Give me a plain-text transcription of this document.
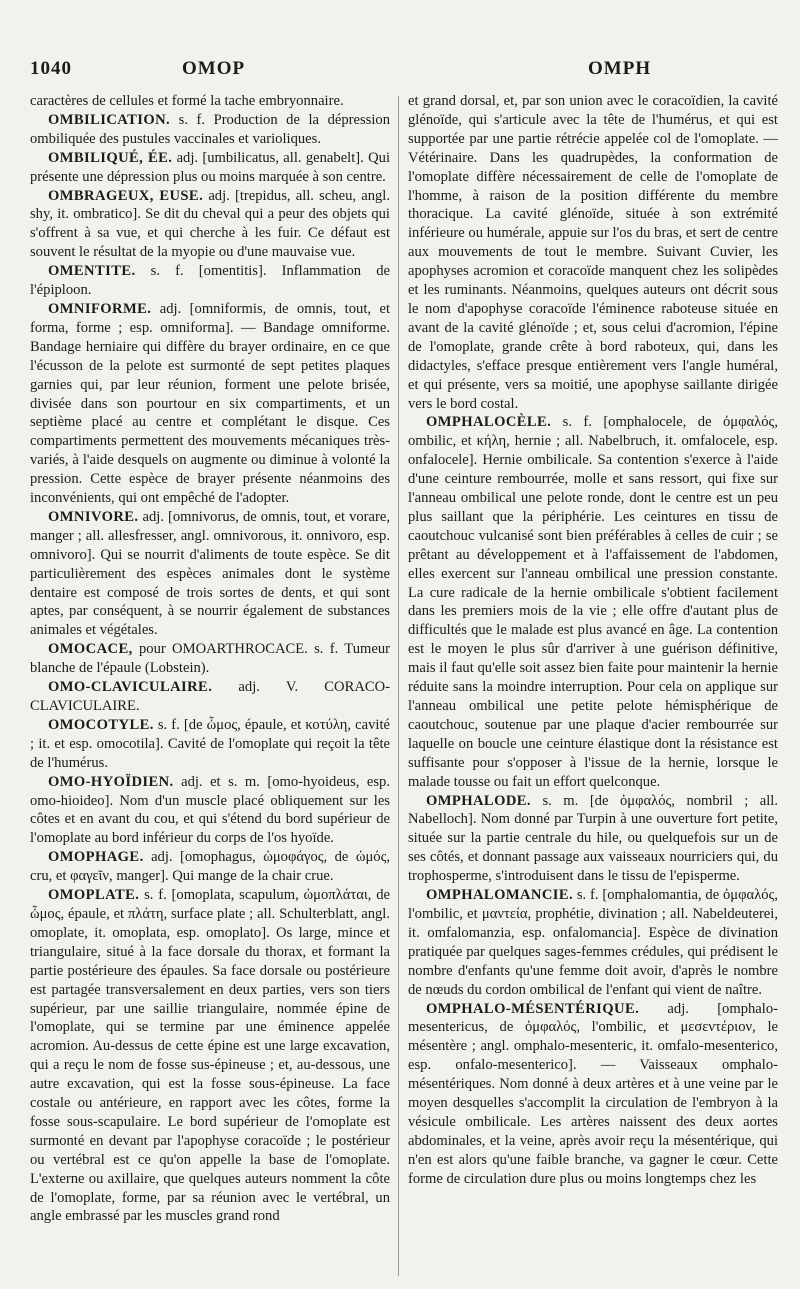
1040	OMOP	OMPH

caractères de cellules et formé la tache embryonnaire.

OMBILICATION. s. f. Production de la dépression ombiliquée des pustules vaccinales et varioliques.

OMBILIQUÉ, ÉE. adj. [umbilicatus, all. genabelt]. Qui présente une dépression plus ou moins marquée à son centre.

OMBRAGEUX, EUSE. adj. [trepidus, all. scheu, angl. shy, it. ombratico]. Se dit du cheval qui a peur des objets qui s'offrent à sa vue, et qui cherche à les fuir. Ce défaut est souvent le résultat de la myopie ou d'une mauvaise vue.

OMENTITE. s. f. [omentitis]. Inflammation de l'épiploon.

OMNIFORME. adj. [omniformis, de omnis, tout, et forma, forme ; esp. omniforma]. — Bandage omniforme. Bandage herniaire qui diffère du brayer ordinaire, en ce que l'écusson de la pelote est surmonté de sept petites plaques garnies qui, par leur réunion, forment une pelote brisée, divisée dans son pourtour en six compartiments, et un septième placé au centre et complétant le disque. Ces compartiments permettent des mouvements mécaniques très-variés, à l'aide desquels on augmente ou diminue à volonté la pression. Cette espèce de brayer présente néanmoins des inconvénients, qui ont empêché de l'adopter.

OMNIVORE. adj. [omnivorus, de omnis, tout, et vorare, manger ; all. allesfresser, angl. omnivorous, it. onnivoro, esp. omnivoro]. Qui se nourrit d'aliments de toute espèce. Se dit particulièrement des espèces animales dont le système dentaire est composé de trois sortes de dents, et qui sont aptes, par conséquent, à se nourrir également de substances animales et végétales.

OMOCACE, pour OMOARTHROCACE. s. f. Tumeur blanche de l'épaule (Lobstein).

OMO-CLAVICULAIRE. adj. V. CORACO-CLAVICULAIRE.

OMOCOTYLE. s. f. [de ὦμος, épaule, et κοτύλη, cavité ; it. et esp. omocotila]. Cavité de l'omoplate qui reçoit la tête de l'humérus.

OMO-HYOÏDIEN. adj. et s. m. [omo-hyoideus, esp. omo-hioideo]. Nom d'un muscle placé obliquement sur les côtes et en avant du cou, et qui s'étend du bord supérieur de l'omoplate au bord inférieur du corps de l'os hyoïde.

OMOPHAGE. adj. [omophagus, ὠμοφάγος, de ὠμός, cru, et φαγεῖν, manger]. Qui mange de la chair crue.

OMOPLATE. s. f. [omoplata, scapulum, ὠμοπλάται, de ὦμος, épaule, et πλάτη, surface plate ; all. Schulterblatt, angl. omoplate, it. omoplata, esp. omoplato]. Os large, mince et triangulaire, situé à la face dorsale du thorax, et formant la partie postérieure des épaules. Sa face dorsale ou postérieure est partagée transversalement en deux parties, vers son tiers supérieur, par une saillie triangulaire, nommée épine de l'omoplate, qui se termine par une éminence appelée acromion. Au-dessus de cette épine est une large excavation, qui a reçu le nom de fosse sus-épineuse ; et, au-dessous, une autre excavation, qui est la fosse sous-épineuse. La face costale ou antérieure, en rapport avec les côtes, forme la fosse sous-scapulaire. Le bord supérieur de l'omoplate est surmonté en devant par l'apophyse coracoïde ; le postérieur ou vertébral est ce qu'on appelle la base de l'omoplate. L'externe ou axillaire, que quelques auteurs nomment la côte de l'omoplate, forme, par sa réunion avec le vertébral, un angle embrassé par les muscles grand rond

et grand dorsal, et, par son union avec le coracoïdien, la cavité glénoïde, qui s'articule avec la tête de l'humérus, et qui est supportée par une partie rétrécie appelée col de l'omoplate. — Vétérinaire. Dans les quadrupèdes, la conformation de l'omoplate diffère nécessairement de celle de l'omoplate de l'homme, à raison de la position différente du membre thoracique. La cavité glénoïde, située à son extrémité inférieure ou humérale, appuie sur l'os du bras, et sert de centre aux mouvements de tout le membre. Suivant Cuvier, les apophyses acromion et coracoïde manquent chez les solipèdes et les ruminants. Néanmoins, quelques auteurs ont décrit sous le nom d'apophyse coracoïde l'éminence raboteuse située en avant de la cavité glénoïde ; et, sous celui d'acromion, l'épine de l'omoplate, grande crête à bord raboteux, qui, dans les didactyles, s'efface presque entièrement vers l'angle huméral, et qui présente, vers sa moitié, une apophyse saillante dirigée vers le bord costal.

OMPHALOCÈLE. s. f. [omphalocele, de ὀμφαλός, ombilic, et κήλη, hernie ; all. Nabelbruch, it. omfalocele, esp. onfalocele]. Hernie ombilicale. Sa contention s'exerce à l'aide d'une ceinture rembourrée, molle et sans ressort, qui fixe sur l'anneau ombilical une pelote ronde, dont le centre est un peu plus saillant que la périphérie. Les ceintures en tissu de caoutchouc vulcanisé sont bien préférables à celles de cuir ; se prêtant au développement et à l'affaissement de l'abdomen, elles exercent sur l'anneau ombilical une pression constante. La cure radicale de la hernie ombilicale s'obtient facilement dans les premiers mois de la vie ; elle offre d'autant plus de difficultés que le malade est plus avancé en âge. La contention est le moyen le plus sûr d'arriver à une guérison définitive, mais il faut qu'elle soit assez bien faite pour maintenir la hernie réduite sans la moindre interruption. Pour cela on applique sur l'anneau ombilical une petite pelote hémisphérique de caoutchouc, soutenue par une plaque d'acier rembourrée sur laquelle on boucle une ceinture élastique dont la résistance est suffisante pour s'opposer à l'issue de la hernie, lorsque le malade tousse ou fait un effort quelconque.

OMPHALODE. s. m. [de ὀμφαλός, nombril ; all. Nabelloch]. Nom donné par Turpin à une ouverture fort petite, située sur la partie centrale du hile, ou quelquefois sur un de ses côtés, et donnant passage aux vaisseaux nourriciers qui, du trophosperme, s'introduisent dans le tissu de l'episperme.

OMPHALOMANCIE. s. f. [omphalomantia, de ὀμφαλός, l'ombilic, et μαντεία, prophétie, divination ; all. Nabeldeuterei, it. omfalomanzia, esp. onfalomancia]. Espèce de divination pratiquée par quelques sages-femmes crédules, qui prédisent le nombre d'enfants qu'une femme doit avoir, d'après le nombre de nœuds du cordon ombilical de l'enfant qui vient de naître.

OMPHALO-MÉSENTÉRIQUE. adj. [omphalo-mesentericus, de ὀμφαλός, l'ombilic, et μεσεντέριον, le mésentère ; angl. omphalo-mesenteric, it. omfalo-mesenterico, esp. onfalo-mesenterico]. — Vaisseaux omphalo-mésentériques. Nom donné à deux artères et à une veine par le moyen desquelles s'accomplit la circulation de l'embryon à la vésicule ombilicale. Les artères naissent des deux aortes abdominales, et la veine, après avoir reçu la mésentérique, qui n'en est alors qu'une faible branche, va gagner le cœur. Cette forme de circulation dure plus ou moins longtemps chez les
